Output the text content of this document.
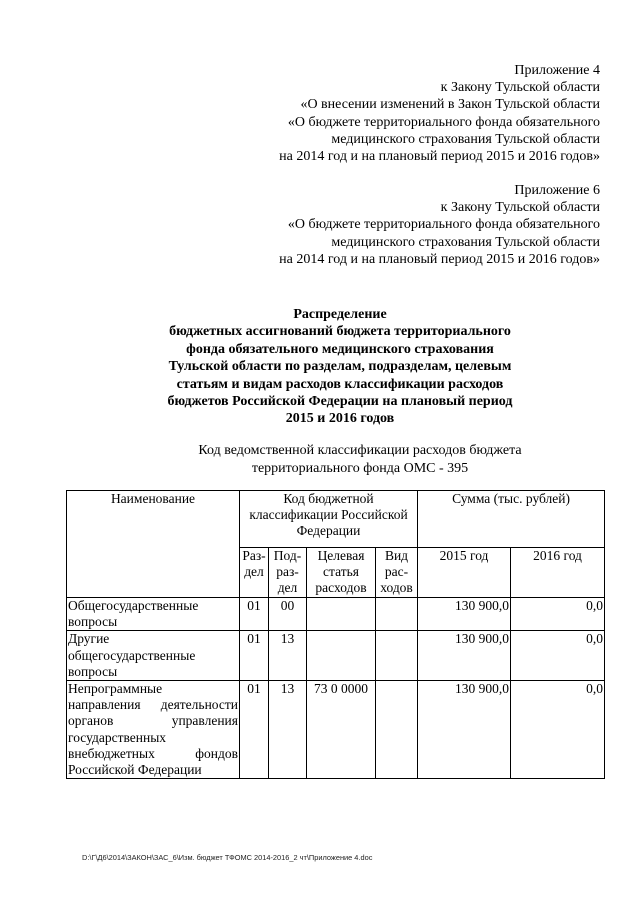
Приложение 4
к Закону Тульской области
«О внесении изменений в Закон Тульской области
«О бюджете территориального фонда обязательного
медицинского страхования Тульской области
на 2014 год и на плановый период 2015 и 2016 годов»
Приложение 6
к Закону Тульской области
«О бюджете территориального фонда обязательного
медицинского страхования Тульской области
на 2014 год и на плановый период 2015 и 2016 годов»
Распределение
бюджетных ассигнований бюджета территориального
фонда обязательного медицинского страхования
Тульской области по разделам, подразделам, целевым
статьям и видам расходов классификации расходов
бюджетов Российской Федерации на плановый период
2015 и 2016 годов
Код ведомственной классификации расходов бюджета
территориального фонда ОМС - 395
Наименование	Код бюджетной классификации Российской Федерации				Сумма (тыс. рублей)	
	Раз-дел	Под-раз-дел	Целевая статья расходов	Вид рас-ходов	2015 год	2016 год
Общегосударственные вопросы	01	00			130 900,0	0,0
Другие общегосударственные вопросы	01	13			130 900,0	0,0
Непрограммные направления деятельности органов управления государственных внебюджетных фондов Российской Федерации	01	13	73 0 0000		130 900,0	0,0
D:\Г\Д6\2014\ЗАКОН\ЗАС_6\Изм. бюджет ТФОМС 2014-2016_2 чт\Приложение 4.doc
